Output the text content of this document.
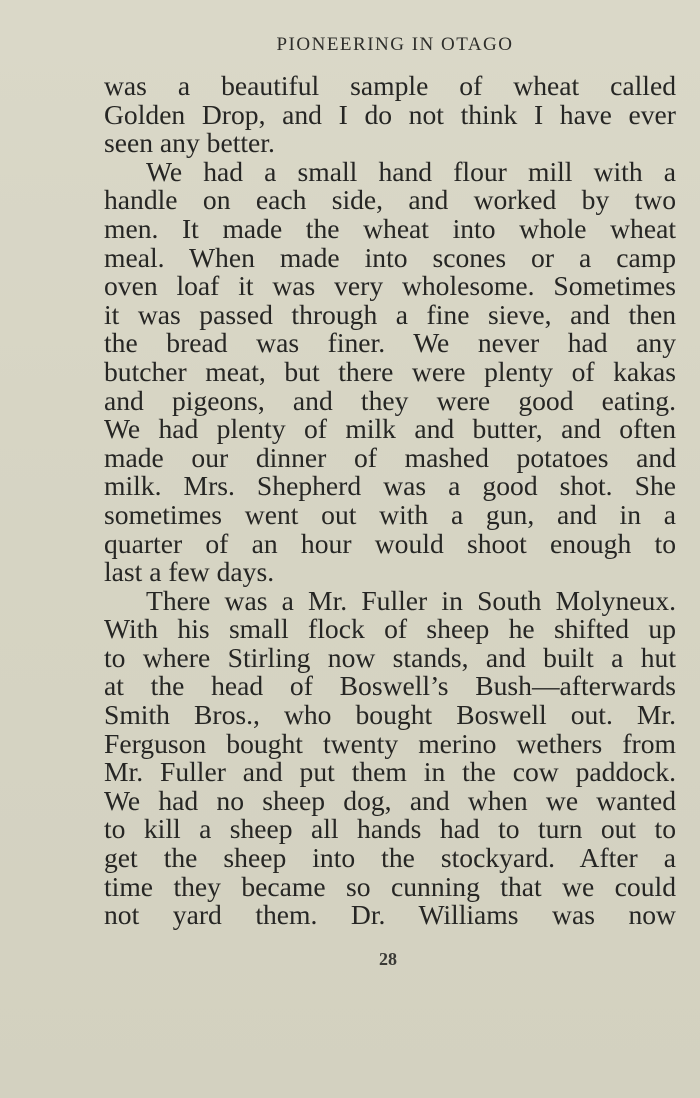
PIONEERING IN OTAGO
was a beautiful sample of wheat called
Golden Drop, and I do not think I have ever
seen any better.
We had a small hand flour mill with a
handle on each side, and worked by two
men. It made the wheat into whole wheat
meal. When made into scones or a camp
oven loaf it was very wholesome. Sometimes
it was passed through a fine sieve, and then
the bread was finer. We never had any
butcher meat, but there were plenty of kakas
and pigeons, and they were good eating.
We had plenty of milk and butter, and often
made our dinner of mashed potatoes and
milk. Mrs. Shepherd was a good shot. She
sometimes went out with a gun, and in a
quarter of an hour would shoot enough to
last a few days.
There was a Mr. Fuller in South Molyneux.
With his small flock of sheep he shifted up
to where Stirling now stands, and built a hut
at the head of Boswell’s Bush—afterwards
Smith Bros., who bought Boswell out. Mr.
Ferguson bought twenty merino wethers from
Mr. Fuller and put them in the cow paddock.
We had no sheep dog, and when we wanted
to kill a sheep all hands had to turn out to
get the sheep into the stockyard. After a
time they became so cunning that we could
not yard them. Dr. Williams was now
28
